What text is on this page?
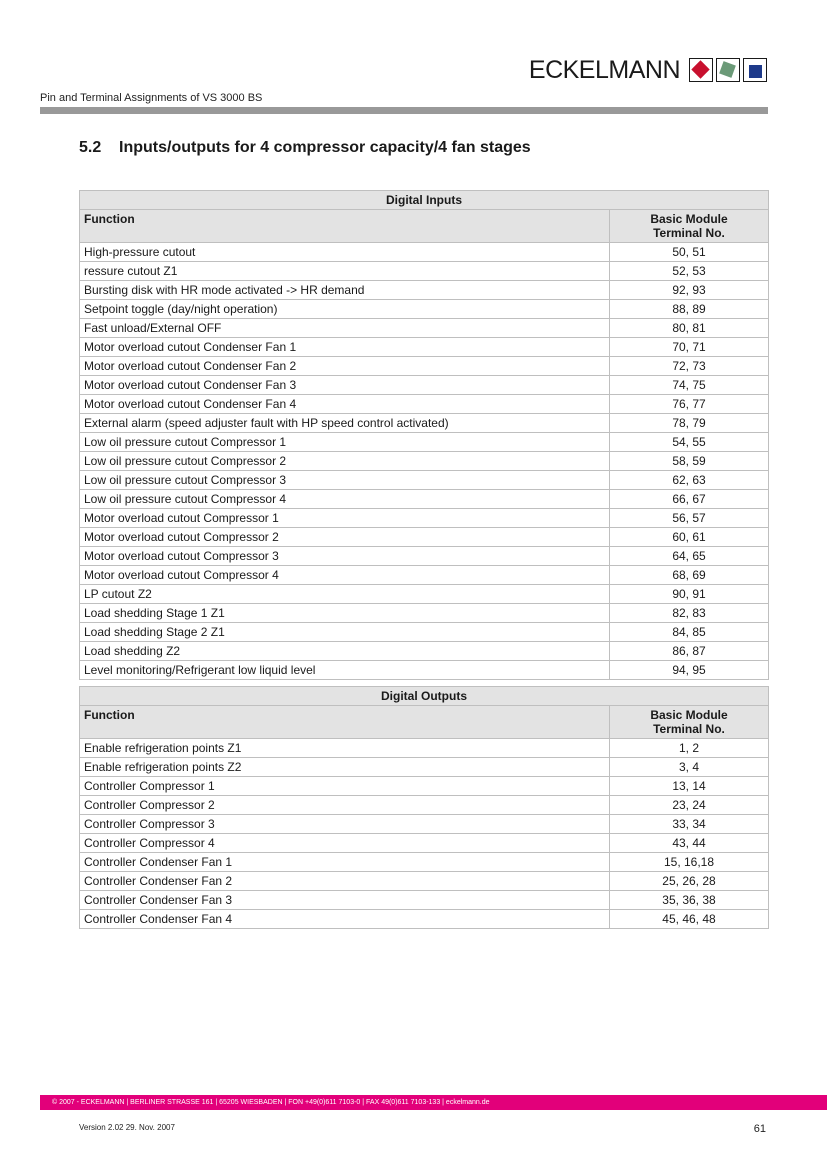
ECKELMANN
Pin and Terminal Assignments of VS 3000 BS
5.2 Inputs/outputs for 4 compressor capacity/4 fan stages
Digital Inputs	
Function	Basic Module
Terminal No.

High-pressure cutout	50, 51
ressure cutout Z1	52, 53
Bursting disk with HR mode activated -> HR demand	92, 93
Setpoint toggle (day/night operation)	88, 89
Fast unload/External OFF	80, 81
Motor overload cutout Condenser Fan 1	70, 71
Motor overload cutout Condenser Fan 2	72, 73
Motor overload cutout Condenser Fan 3	74, 75
Motor overload cutout Condenser Fan 4	76, 77
External alarm (speed adjuster fault with HP speed control activated)	78, 79
Low oil pressure cutout Compressor 1	54, 55
Low oil pressure cutout Compressor 2	58, 59
Low oil pressure cutout Compressor 3	62, 63
Low oil pressure cutout Compressor 4	66, 67
Motor overload cutout Compressor 1	56, 57
Motor overload cutout Compressor 2	60, 61
Motor overload cutout Compressor 3	64, 65
Motor overload cutout Compressor 4	68, 69
LP cutout Z2	90, 91
Load shedding Stage 1 Z1	82, 83
Load shedding Stage 2 Z1	84, 85
Load shedding Z2	86, 87
Level monitoring/Refrigerant low liquid level	94, 95
Digital Outputs	
Function	Basic Module
Terminal No.

Enable refrigeration points Z1	1, 2
Enable refrigeration points Z2	3, 4
Controller Compressor 1	13, 14
Controller Compressor 2	23, 24
Controller Compressor 3	33, 34
Controller Compressor 4	43, 44
Controller Condenser Fan 1	15, 16,18
Controller Condenser Fan 2	25, 26, 28
Controller Condenser Fan 3	35, 36, 38
Controller Condenser Fan 4	45, 46, 48
© 2007 - ECKELMANN | BERLINER STRASSE 161 | 65205 WIESBADEN | FON +49(0)611 7103-0 | FAX 49(0)611 7103-133 | eckelmann.de
Version 2.02 29. Nov. 2007	61
